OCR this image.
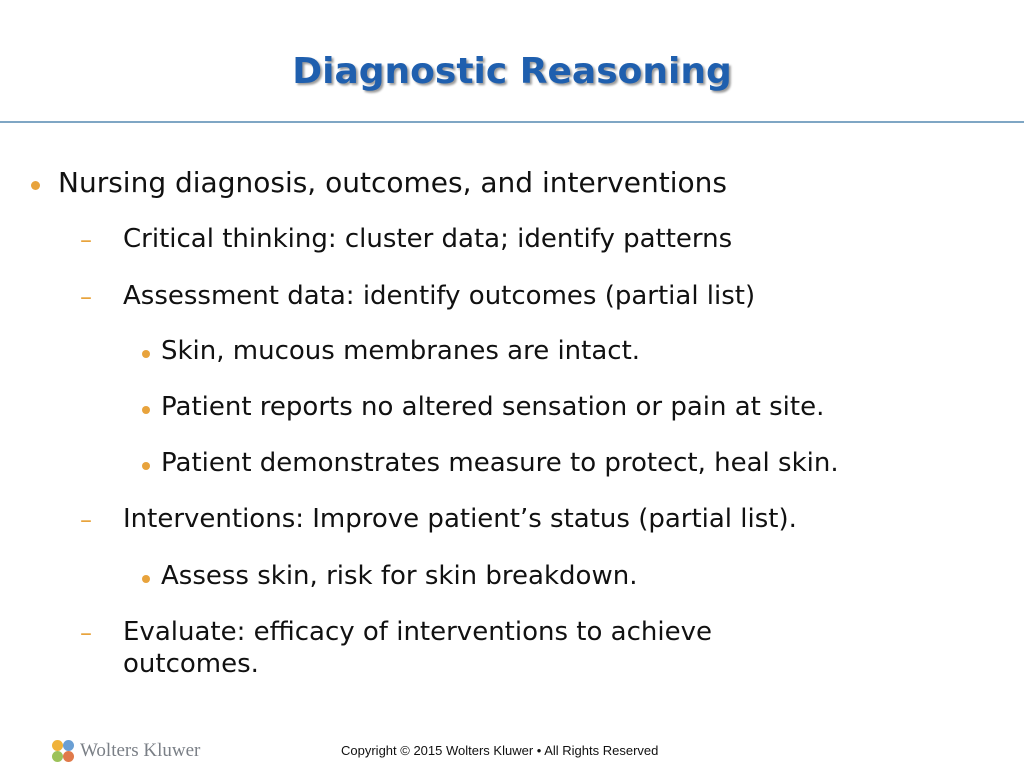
Diagnostic Reasoning
Nursing diagnosis, outcomes, and interventions
– Critical thinking: cluster data; identify patterns
– Assessment data: identify outcomes (partial list)
Skin, mucous membranes are intact.
Patient reports no altered sensation or pain at site.
Patient demonstrates measure to protect, heal skin.
– Interventions: Improve patient’s status (partial list).
Assess skin, risk for skin breakdown.
– Evaluate: efficacy of interventions to achieve
outcomes.
Wolters Kluwer	Copyright © 2015 Wolters Kluwer • All Rights Reserved
